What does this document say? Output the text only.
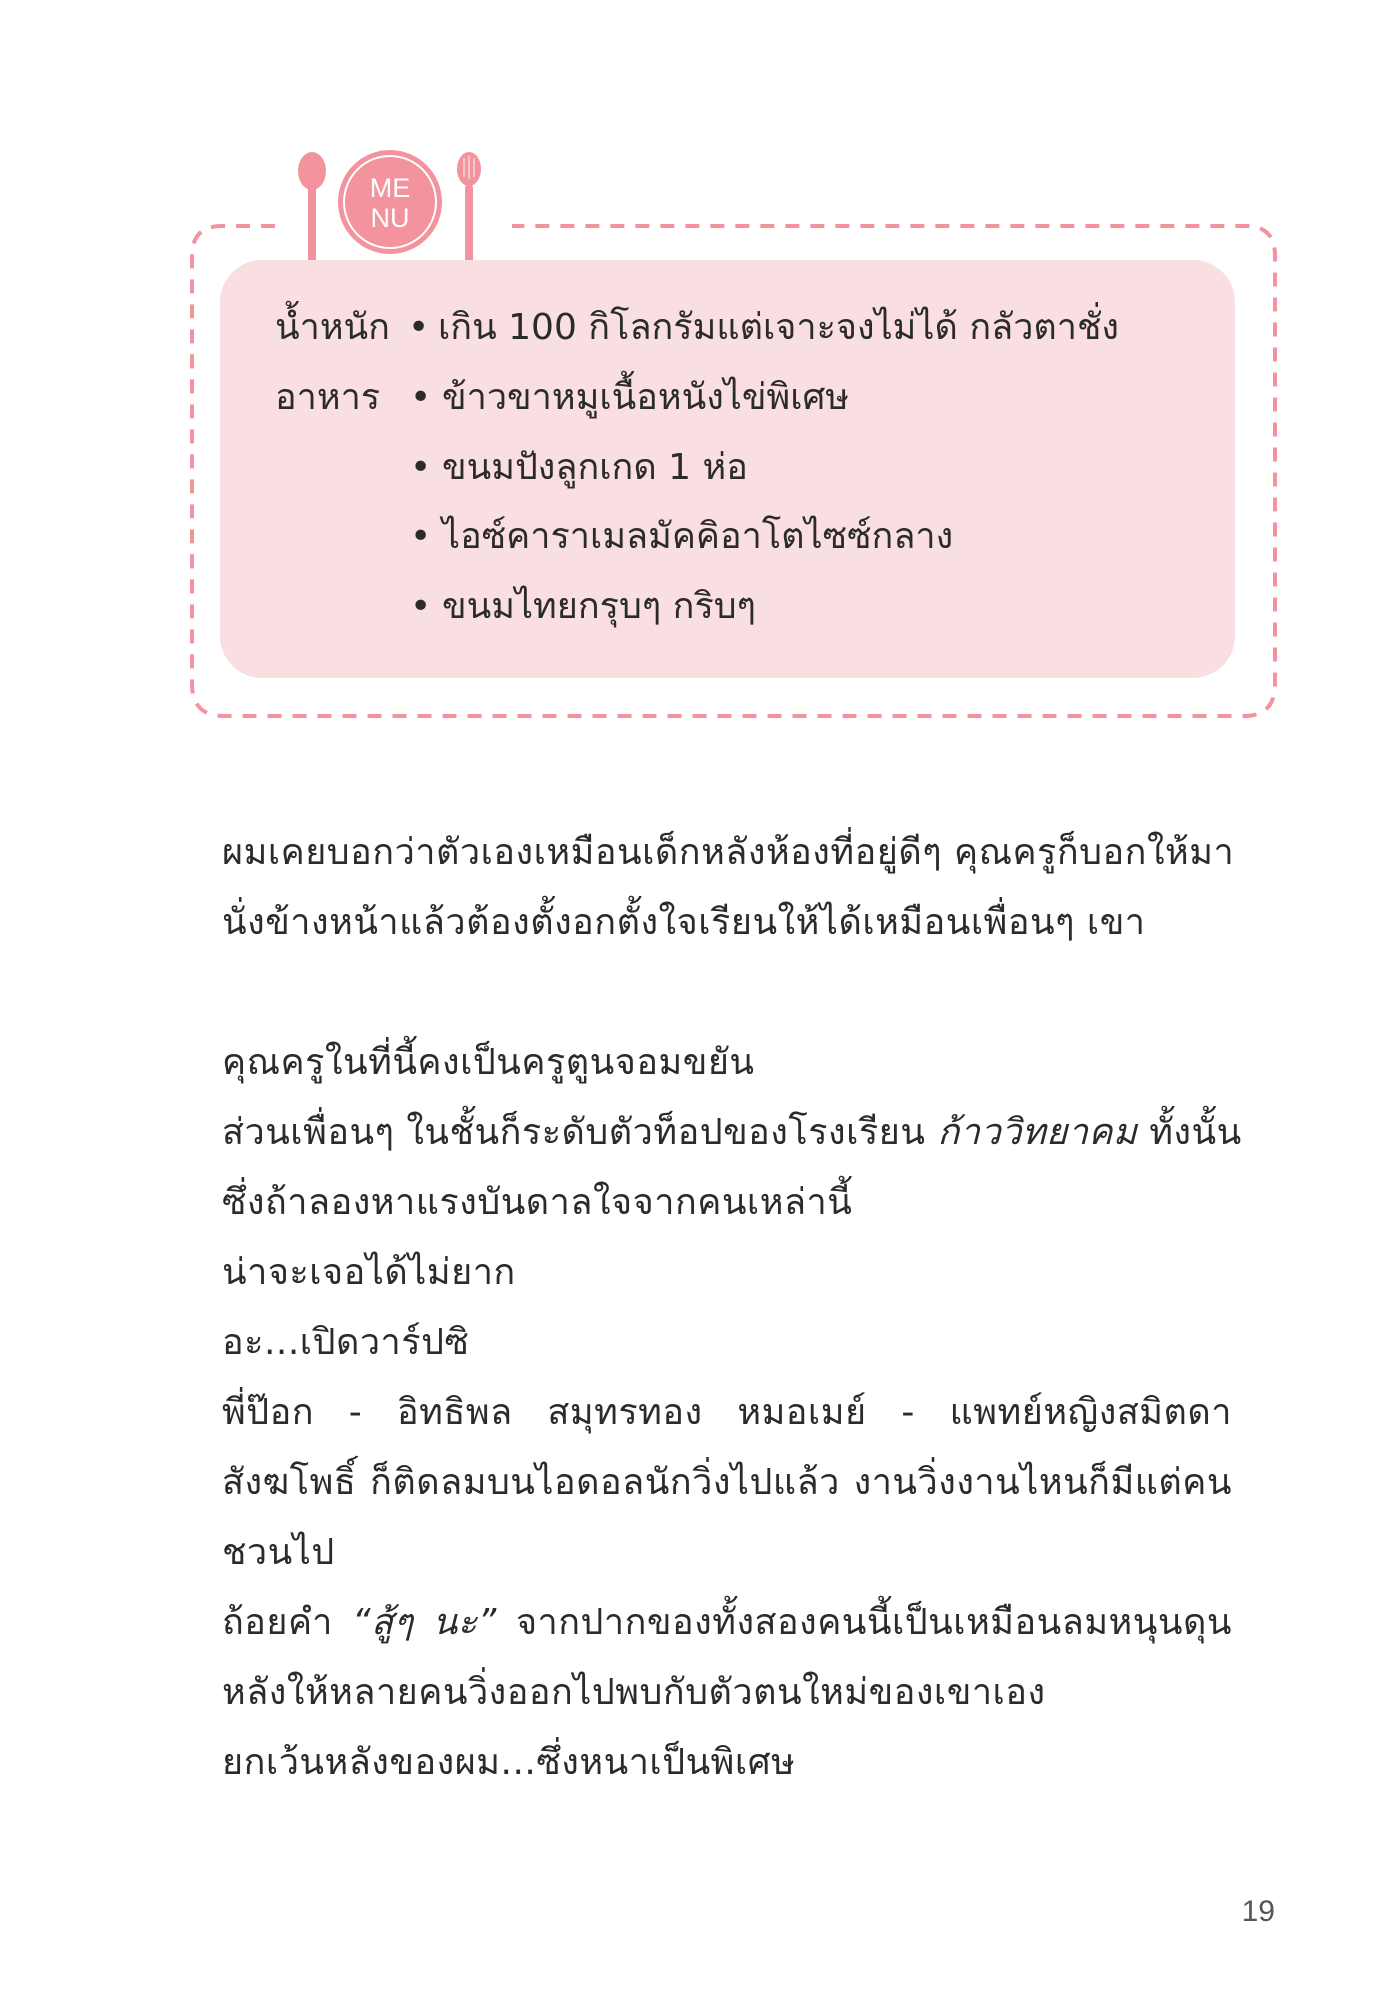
ME
NU
น้ำหนัก • เกิน 100 กิโลกรัมแต่เจาะจงไม่ได้ กลัวตาชั่ง
อาหาร • ข้าวขาหมูเนื้อหนังไข่พิเศษ
• ขนมปังลูกเกด 1 ห่อ
• ไอซ์คาราเมลมัคคิอาโตไซซ์กลาง
• ขนมไทยกรุบๆ กริบๆ

ผมเคยบอกว่าตัวเองเหมือนเด็กหลังห้องที่อยู่ดีๆ คุณครูก็บอกให้มา

นั่งข้างหน้าแล้วต้องตั้งอกตั้งใจเรียนให้ได้เหมือนเพื่อนๆ เขา

คุณครูในที่นี้คงเป็นครูตูนจอมขยัน

ส่วนเพื่อนๆ ในชั้นก็ระดับตัวท็อปของโรงเรียน ก้าววิทยาคม ทั้งนั้น

ซึ่งถ้าลองหาแรงบันดาลใจจากคนเหล่านี้

น่าจะเจอได้ไม่ยาก

อะ...เปิดวาร์ปซิ

พี่ป๊อก - อิทธิพล สมุทรทอง หมอเมย์ - แพทย์หญิงสมิตดา

สังฆโพธิ์ ก็ติดลมบนไอดอลนักวิ่งไปแล้ว งานวิ่งงานไหนก็มีแต่คน

ชวนไป

ถ้อยคำ “สู้ๆ นะ” จากปากของทั้งสองคนนี้เป็นเหมือนลมหนุนดุน

หลังให้หลายคนวิ่งออกไปพบกับตัวตนใหม่ของเขาเอง

ยกเว้นหลังของผม...ซึ่งหนาเป็นพิเศษ

19
